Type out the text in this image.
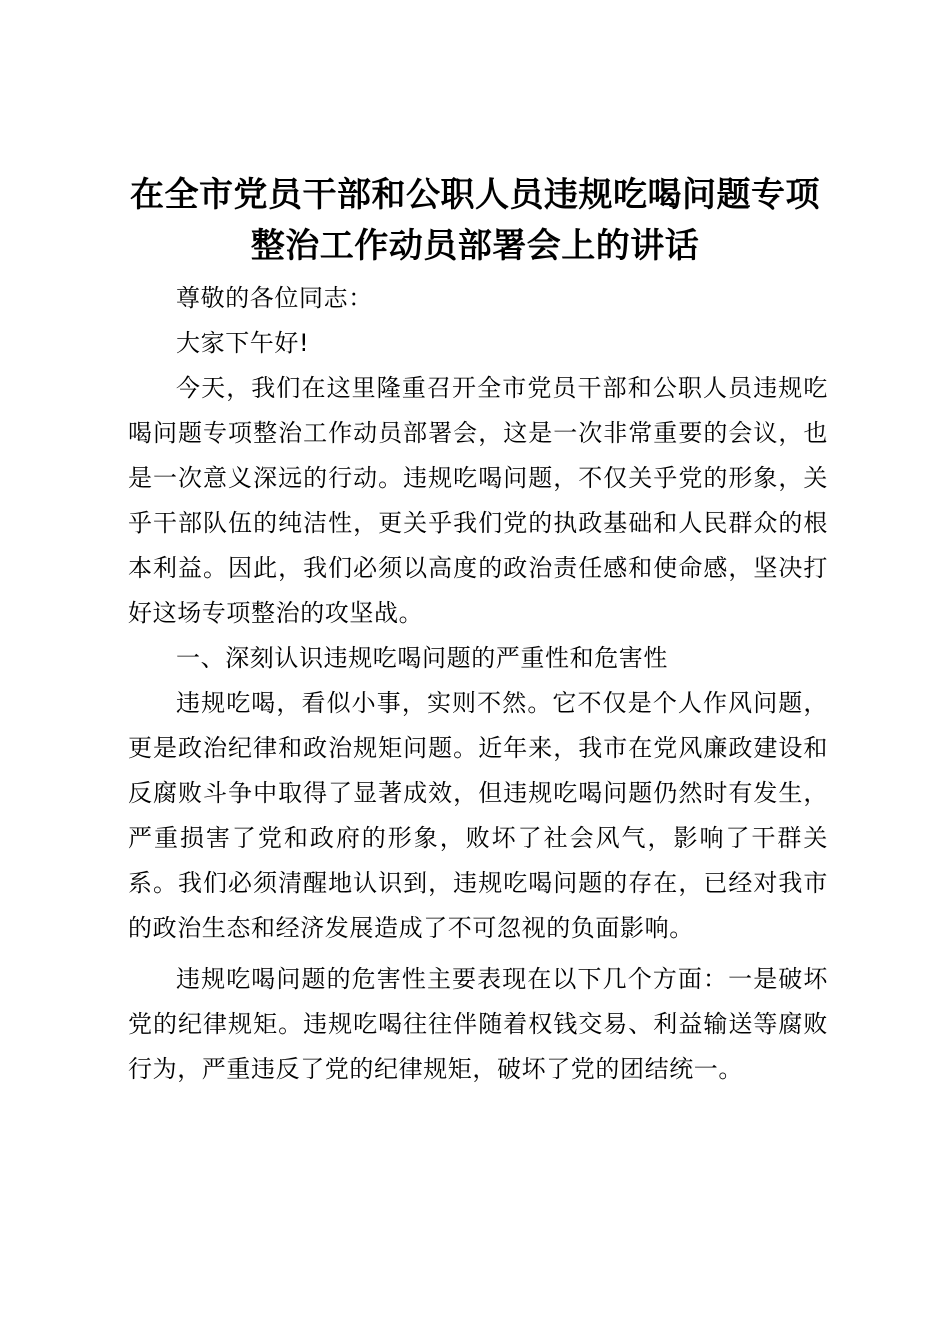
在全市党员干部和公职人员违规吃喝问题专项
整治工作动员部署会上的讲话

尊敬的各位同志：

大家下午好!

今天，我们在这里隆重召开全市党员干部和公职人员违规吃喝问题专项整治工作动员部署会，这是一次非常重要的会议，也是一次意义深远的行动。违规吃喝问题，不仅关乎党的形象，关乎干部队伍的纯洁性，更关乎我们党的执政基础和人民群众的根本利益。因此，我们必须以高度的政治责任感和使命感，坚决打好这场专项整治的攻坚战。

一、深刻认识违规吃喝问题的严重性和危害性

违规吃喝，看似小事，实则不然。它不仅是个人作风问题，更是政治纪律和政治规矩问题。近年来，我市在党风廉政建设和反腐败斗争中取得了显著成效，但违规吃喝问题仍然时有发生，严重损害了党和政府的形象，败坏了社会风气，影响了干群关系。我们必须清醒地认识到，违规吃喝问题的存在，已经对我市的政治生态和经济发展造成了不可忽视的负面影响。

违规吃喝问题的危害性主要表现在以下几个方面：一是破坏党的纪律规矩。违规吃喝往往伴随着权钱交易、利益输送等腐败行为，严重违反了党的纪律规矩，破坏了党的团结统一。
